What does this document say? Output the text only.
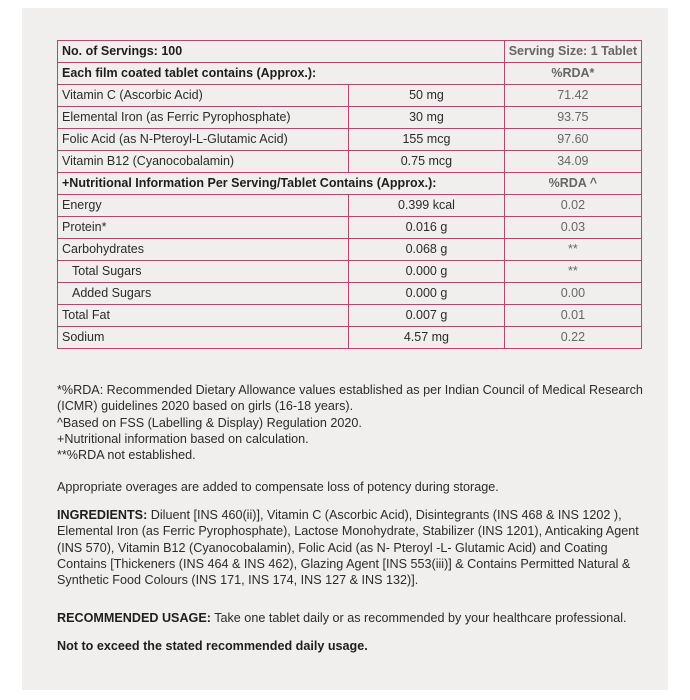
No. of Servings: 100		Serving Size: 1 Tablet
Each film coated tablet contains (Approx.):		%RDA*
Vitamin C (Ascorbic Acid)	50 mg	71.42
Elemental Iron (as Ferric Pyrophosphate)	30 mg	93.75
Folic Acid (as N-Pteroyl-L-Glutamic Acid)	155 mcg	97.60
Vitamin B12 (Cyanocobalamin)	0.75 mcg	34.09
+Nutritional Information Per Serving/Tablet Contains (Approx.):		%RDA ^
Energy	0.399 kcal	0.02
Protein*	0.016 g	0.03
Carbohydrates	0.068 g	**
Total Sugars	0.000 g	**
Added Sugars	0.000 g	0.00
Total Fat	0.007 g	0.01
Sodium	4.57 mg	0.22
*%RDA: Recommended Dietary Allowance values established as per Indian Council of Medical Research
(ICMR) guidelines 2020 based on girls (16-18 years).
^Based on FSS (Labelling & Display) Regulation 2020.
+Nutritional information based on calculation.
**%RDA not established.
Appropriate overages are added to compensate loss of potency during storage.
INGREDIENTS: Diluent [INS 460(ii)], Vitamin C (Ascorbic Acid), Disintegrants (INS 468 & INS 1202 ),
Elemental Iron (as Ferric Pyrophosphate), Lactose Monohydrate, Stabilizer (INS 1201), Anticaking Agent
(INS 570), Vitamin B12 (Cyanocobalamin), Folic Acid (as N- Pteroyl -L- Glutamic Acid) and Coating
Contains [Thickeners (INS 464 & INS 462), Glazing Agent [INS 553(iii)] & Contains Permitted Natural &
Synthetic Food Colours (INS 171, INS 174, INS 127 & INS 132)].
RECOMMENDED USAGE: Take one tablet daily or as recommended by your healthcare professional.
Not to exceed the stated recommended daily usage.
